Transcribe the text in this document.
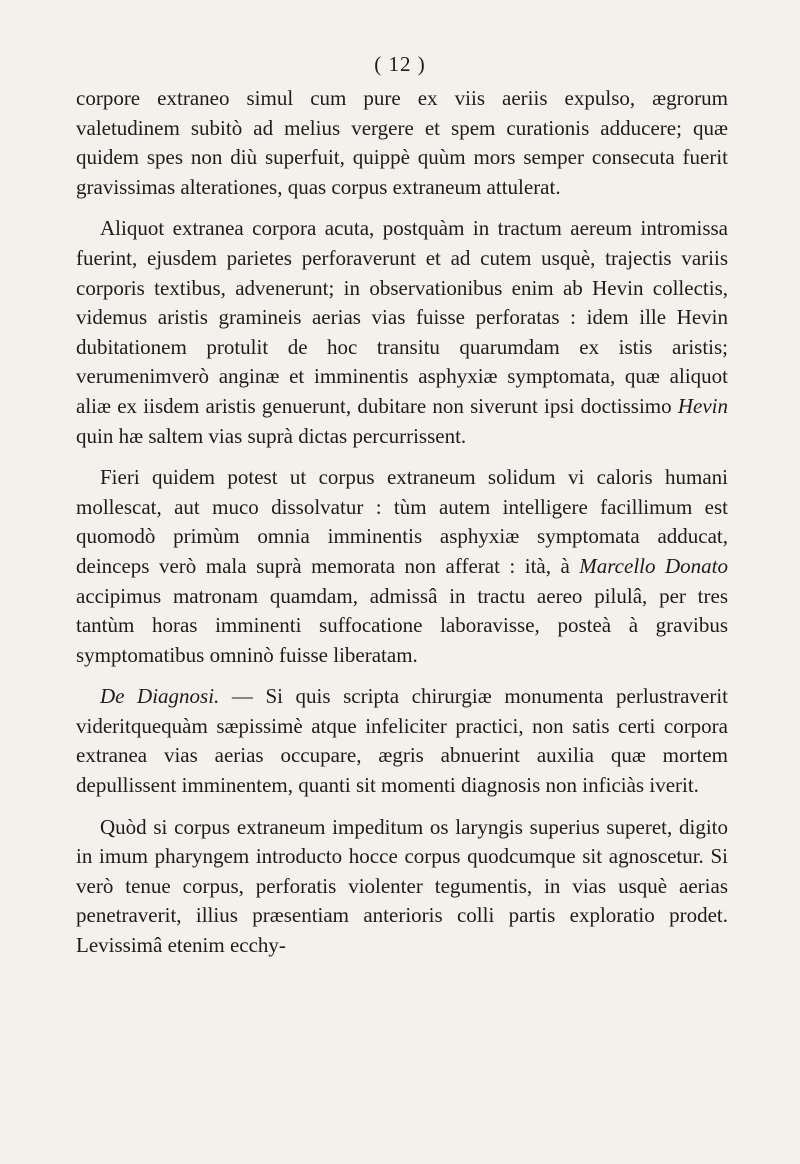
( 12 )

corpore extraneo simul cum pure ex viis aeriis expulso, ægrorum valetudinem subitò ad melius vergere et spem curationis adducere; quæ quidem spes non diù superfuit, quippè quùm mors semper consecuta fuerit gravissimas alterationes, quas corpus extraneum attulerat.

Aliquot extranea corpora acuta, postquàm in tractum aereum intromissa fuerint, ejusdem parietes perforaverunt et ad cutem usquè, trajectis variis corporis textibus, advenerunt; in observationibus enim ab Hevin collectis, videmus aristis gramineis aerias vias fuisse perforatas : idem ille Hevin dubitationem protulit de hoc transitu quarumdam ex istis aristis; verumenimverò anginæ et imminentis asphyxiæ symptomata, quæ aliquot aliæ ex iisdem aristis genuerunt, dubitare non siverunt ipsi doctissimo Hevin quin hæ saltem vias suprà dictas percurrissent.

Fieri quidem potest ut corpus extraneum solidum vi caloris humani mollescat, aut muco dissolvatur : tùm autem intelligere facillimum est quomodò primùm omnia imminentis asphyxiæ symptomata adducat, deinceps verò mala suprà memorata non afferat : ità, à Marcello Donato accipimus matronam quamdam, admissâ in tractu aereo pilulâ, per tres tantùm horas imminenti suffocatione laboravisse, posteà à gravibus symptomatibus omninò fuisse liberatam.

De Diagnosi. — Si quis scripta chirurgiæ monumenta perlustraverit videritquequàm sæpissimè atque infeliciter practici, non satis certi corpora extranea vias aerias occupare, ægris abnuerint auxilia quæ mortem depullissent imminentem, quanti sit momenti diagnosis non inficiàs iverit.

Quòd si corpus extraneum impeditum os laryngis superius superet, digito in imum pharyngem introducto hocce corpus quodcumque sit agnoscetur. Si verò tenue corpus, perforatis violenter tegumentis, in vias usquè aerias penetraverit, illius præsentiam anterioris colli partis exploratio prodet. Levissimâ etenim ecchy-
